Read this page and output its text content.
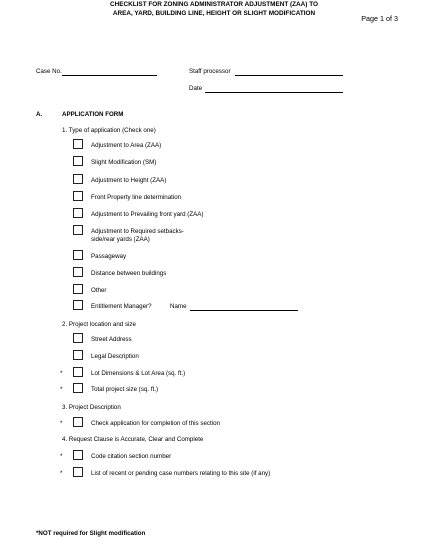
Page 1 of 3
CHECKLIST FOR ZONING ADMINISTRATOR ADJUSTMENT (ZAA) TO
AREA, YARD, BUILDING LINE, HEIGHT OR SLIGHT MODIFICATION
Case No.	Staff processor
Date
A.	APPLICATION FORM
1. Type of application (Check one)
Adjustment to Area (ZAA)
Slight Modification (SM)
Adjustment to Height (ZAA)
Front Property line determination
Adjustment to Prevailing front yard (ZAA)
Adjustment to Required setbacks-
side/rear yards (ZAA)
Passageway
Distance between buildings
Other
Entitlement Manager?	Name
2. Project location and size
Street Address
Legal Description
*	Lot Dimensions & Lot Area (sq. ft.)
*	Total project size (sq. ft.)
3. Project Description
*	Check application for completion of this section
4. Request Clause is Accurate, Clear and Complete
*	Code citation section number
*	List of recent or pending case numbers relating to this site (if any)
*NOT required for Slight modification
